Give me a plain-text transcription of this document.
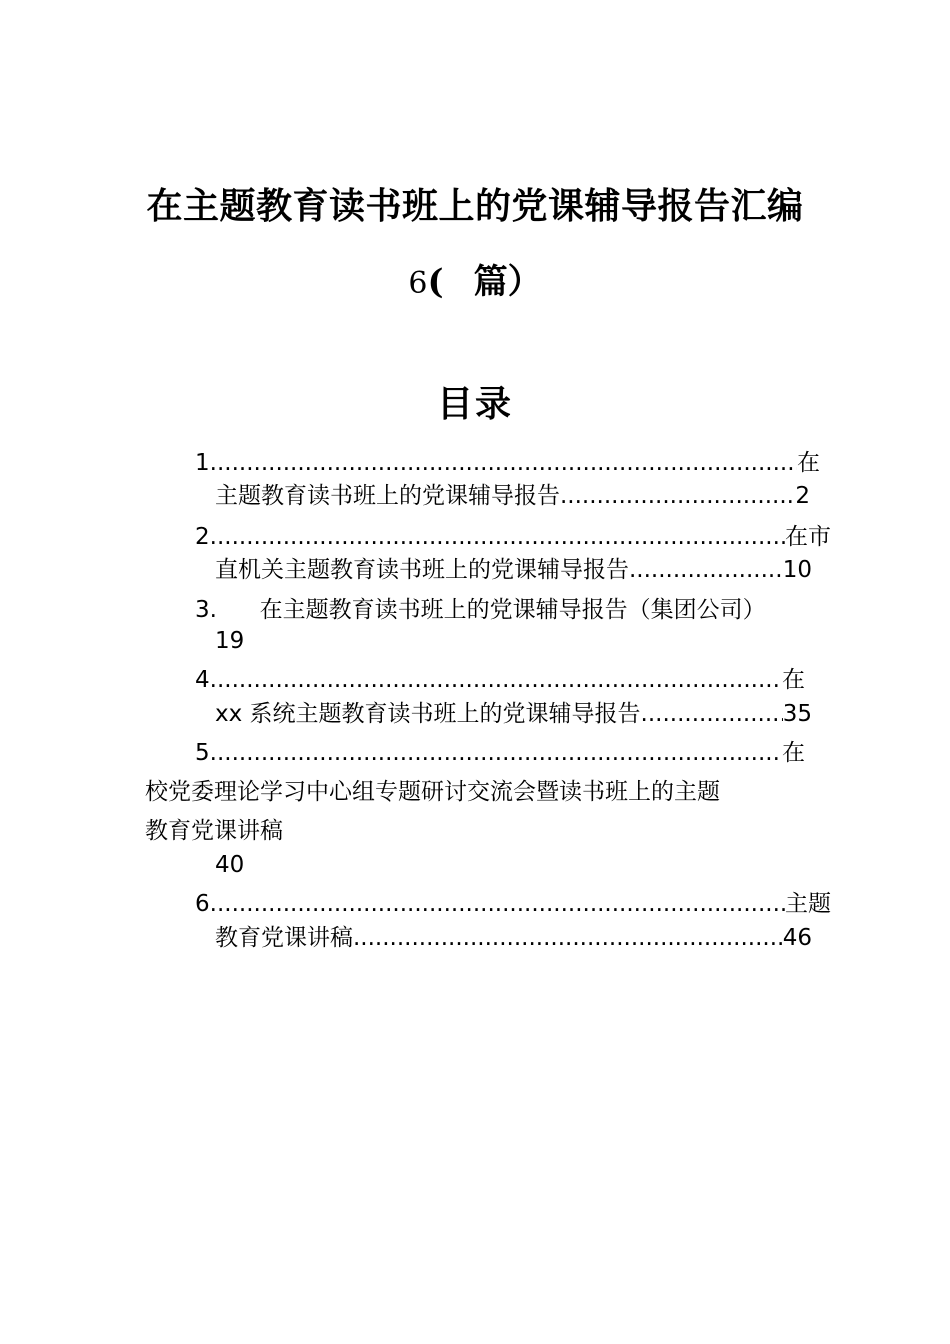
在主题教育读书班上的党课辅导报告汇编
6( 篇）
目录
1 .....	在
主题教育读书班上的党课辅导报告 .....	2
2 .....	在市
直机关主题教育读书班上的党课辅导报告 .....	10
3. 在主题教育读书班上的党课辅导报告（集团公司）
19
4 .....	在
xx 系统主题教育读书班上的党课辅导报告 .....	35
5 .....	在
校党委理论学习中心组专题研讨交流会暨读书班上的主题
教育党课讲稿
40
6 .....	主题
教育党课讲稿 .....	46
